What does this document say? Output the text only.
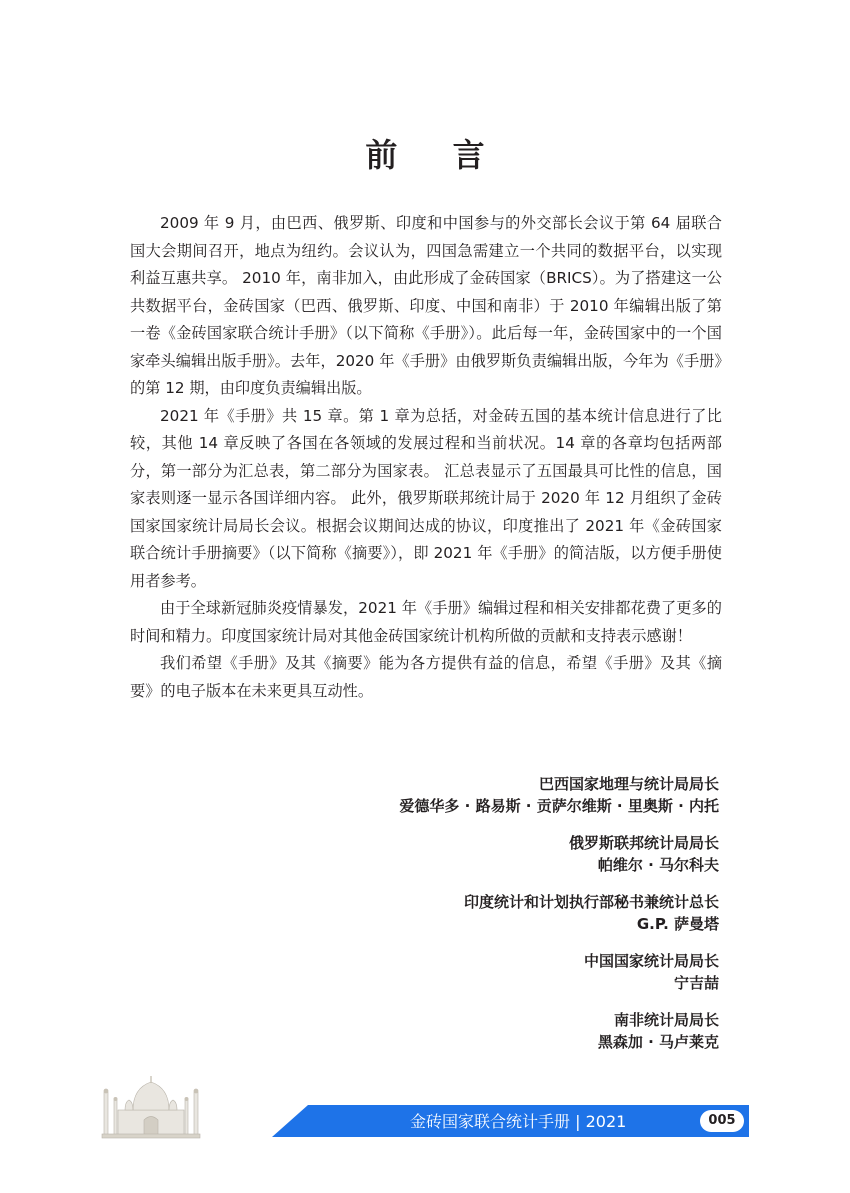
前 言

2009 年 9 月，由巴西、俄罗斯、印度和中国参与的外交部长会议于第 64 届联合国大会期间召开，地点为纽约。会议认为，四国急需建立一个共同的数据平台，以实现利益互惠共享。 2010 年，南非加入，由此形成了金砖国家（BRICS）。为了搭建这一公共数据平台，金砖国家（巴西、俄罗斯、印度、中国和南非）于 2010 年编辑出版了第一卷《金砖国家联合统计手册》（以下简称《手册》）。此后每一年，金砖国家中的一个国家牵头编辑出版手册》。去年，2020 年《手册》由俄罗斯负责编辑出版，今年为《手册》的第 12 期，由印度负责编辑出版。

2021 年《手册》共 15 章。第 1 章为总括，对金砖五国的基本统计信息进行了比较，其他 14 章反映了各国在各领域的发展过程和当前状况。14 章的各章均包括两部分，第一部分为汇总表，第二部分为国家表。 汇总表显示了五国最具可比性的信息，国家表则逐一显示各国详细内容。 此外，俄罗斯联邦统计局于 2020 年 12 月组织了金砖国家国家统计局局长会议。根据会议期间达成的协议，印度推出了 2021 年《金砖国家联合统计手册摘要》（以下简称《摘要》），即 2021 年《手册》的简洁版，以方便手册使用者参考。

由于全球新冠肺炎疫情暴发，2021 年《手册》编辑过程和相关安排都花费了更多的时间和精力。印度国家统计局对其他金砖国家统计机构所做的贡献和支持表示感谢！

我们希望《手册》及其《摘要》能为各方提供有益的信息，希望《手册》及其《摘要》的电子版本在未来更具互动性。

巴西国家地理与统计局局长
爱德华多 · 路易斯 · 贡萨尔维斯 · 里奥斯 · 内托
俄罗斯联邦统计局局长
帕维尔 · 马尔科夫
印度统计和计划执行部秘书兼统计总长
G.P. 萨曼塔
中国国家统计局局长
宁吉喆
南非统计局局长
黑森加 · 马卢莱克
金砖国家联合统计手册 | 2021	005
